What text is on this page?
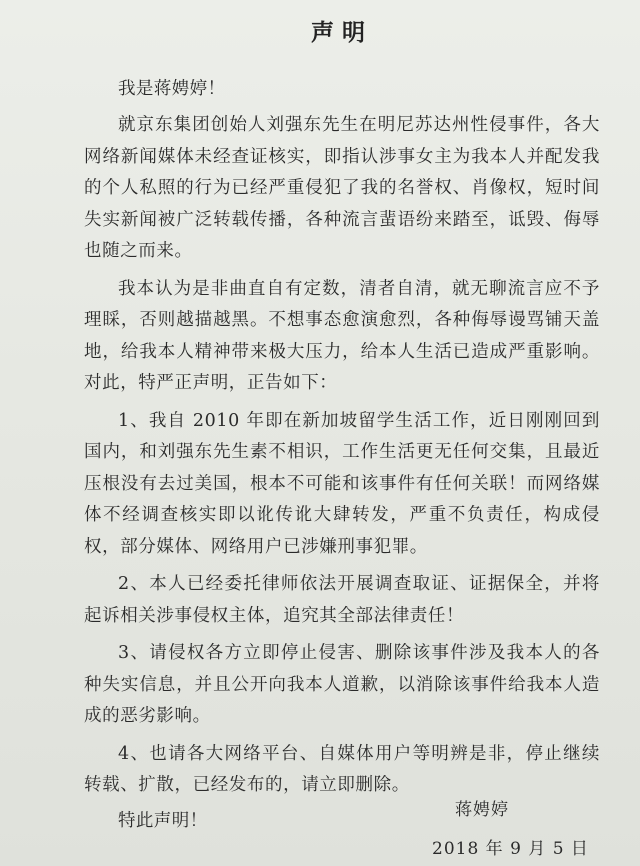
声明
我是蒋娉婷！

就京东集团创始人刘强东先生在明尼苏达州性侵事件，各大网络新闻媒体未经查证核实，即指认涉事女主为我本人并配发我的个人私照的行为已经严重侵犯了我的名誉权、肖像权，短时间失实新闻被广泛转载传播，各种流言蜚语纷来踏至，诋毁、侮辱也随之而来。

我本认为是非曲直自有定数，清者自清，就无聊流言应不予理睬，否则越描越黑。不想事态愈演愈烈，各种侮辱谩骂铺天盖地，给我本人精神带来极大压力，给本人生活已造成严重影响。对此，特严正声明，正告如下：

1、我自 2010 年即在新加坡留学生活工作，近日刚刚回到国内，和刘强东先生素不相识，工作生活更无任何交集，且最近压根没有去过美国，根本不可能和该事件有任何关联！而网络媒体不经调查核实即以讹传讹大肆转发，严重不负责任，构成侵权，部分媒体、网络用户已涉嫌刑事犯罪。

2、本人已经委托律师依法开展调查取证、证据保全，并将起诉相关涉事侵权主体，追究其全部法律责任！

3、请侵权各方立即停止侵害、删除该事件涉及我本人的各种失实信息，并且公开向我本人道歉，以消除该事件给我本人造成的恶劣影响。

4、也请各大网络平台、自媒体用户等明辨是非，停止继续转载、扩散，已经发布的，请立即删除。

特此声明！
蒋娉婷
2018 年 9 月 5 日
